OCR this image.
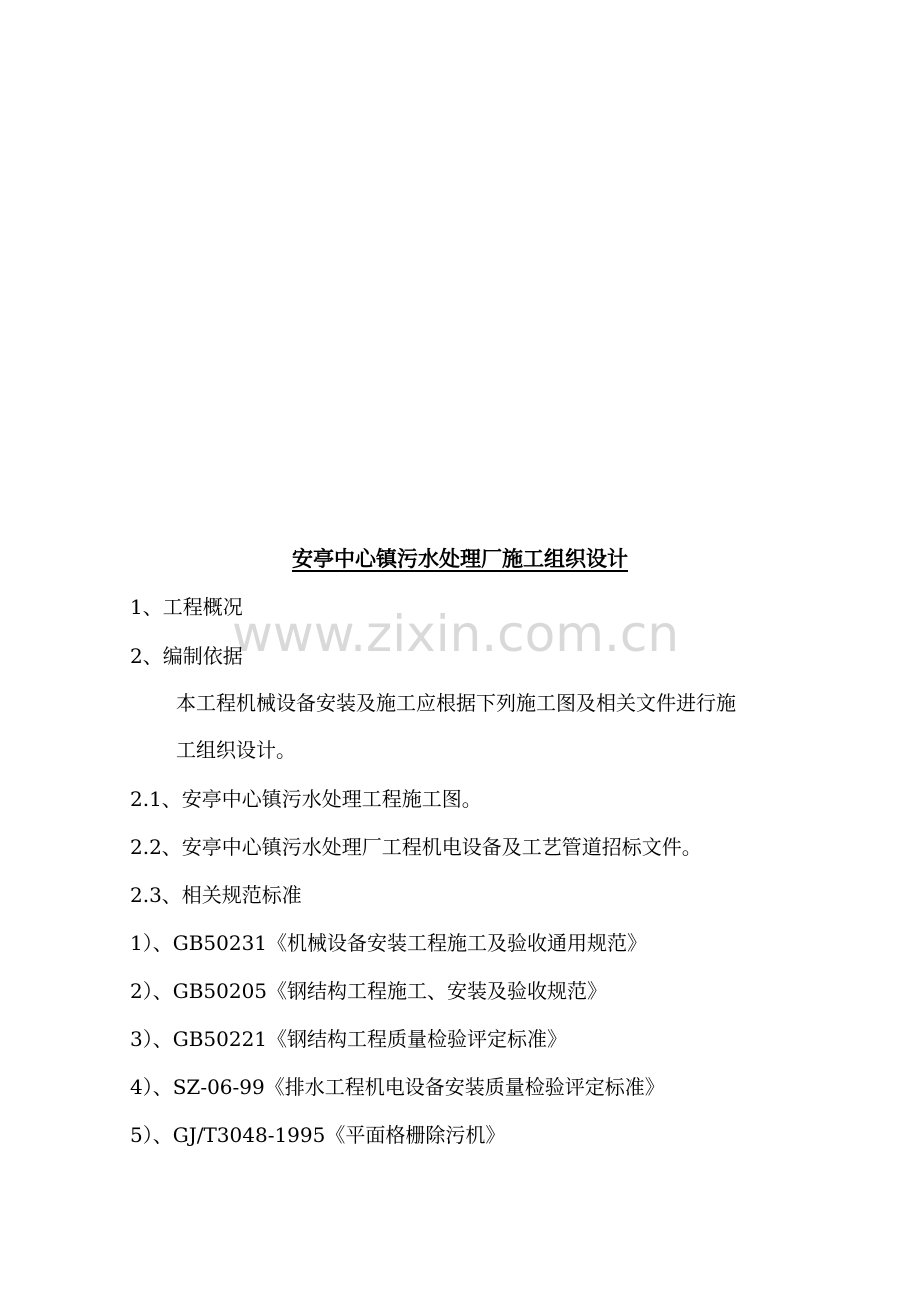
安亭中心镇污水处理厂施工组织设计
www.zixin.com.cn

1、工程概况

2、编制依据

本工程机械设备安装及施工应根据下列施工图及相关文件进行施

工组织设计。

2.1、安亭中心镇污水处理工程施工图。

2.2、安亭中心镇污水处理厂工程机电设备及工艺管道招标文件。

2.3、相关规范标准

1）、GB50231《机械设备安装工程施工及验收通用规范》

2）、GB50205《钢结构工程施工、安装及验收规范》

3）、GB50221《钢结构工程质量检验评定标准》

4）、SZ-06-99《排水工程机电设备安装质量检验评定标准》

5）、GJ/T3048-1995《平面格栅除污机》
